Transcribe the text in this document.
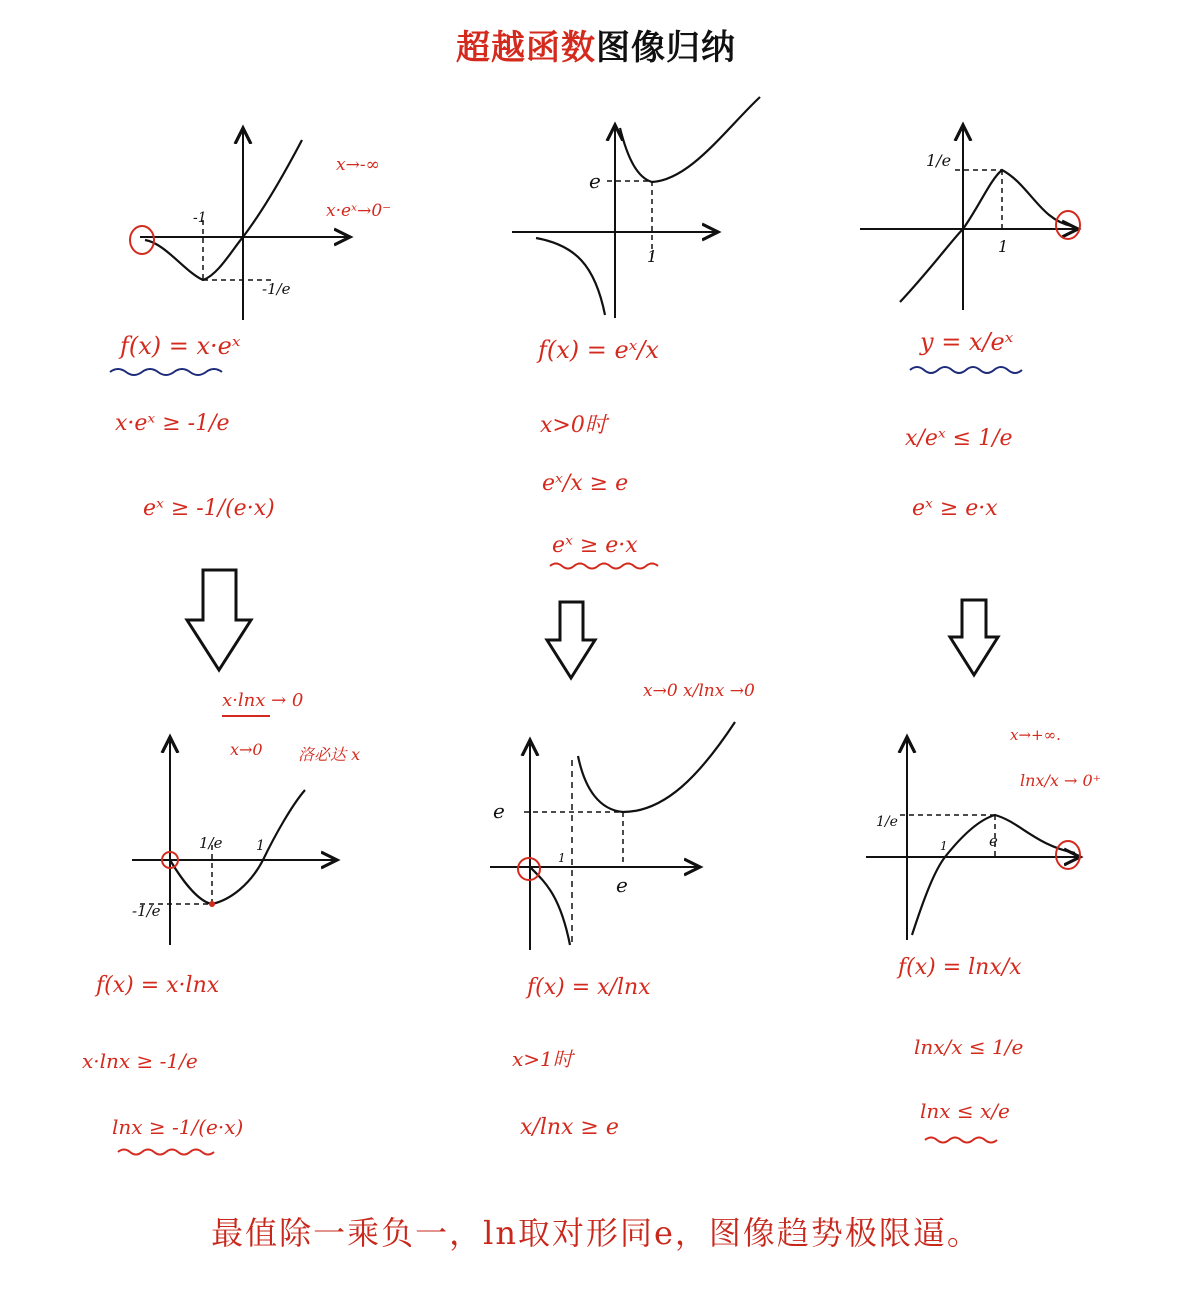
超越函数图像归纳
-1
-1/e
x→-∞
x·eˣ→0⁻
f(x) = x·eˣ
x·eˣ ≥ -1/e
eˣ ≥ -1/(e·x)
e
1
f(x) = eˣ/x
x>0时
eˣ/x ≥ e
eˣ ≥ e·x
1/e
1
y = x/eˣ
x/eˣ ≤ 1/e
eˣ ≥ e·x
1/e 1
-1/e
x·lnx → 0
x→0 洛必达 x
f(x) = x·lnx
x·lnx ≥ -1/e
lnx ≥ -1/(e·x)
e
e
1
x→0 x/lnx →0
f(x) = x/lnx
x>1时
x/lnx ≥ e
1/e
1	e
x→+∞.
lnx/x → 0⁺
f(x) = lnx/x
lnx/x ≤ 1/e
lnx ≤ x/e
最值除一乘负一，ln取对形同e，图像趋势极限逼。
